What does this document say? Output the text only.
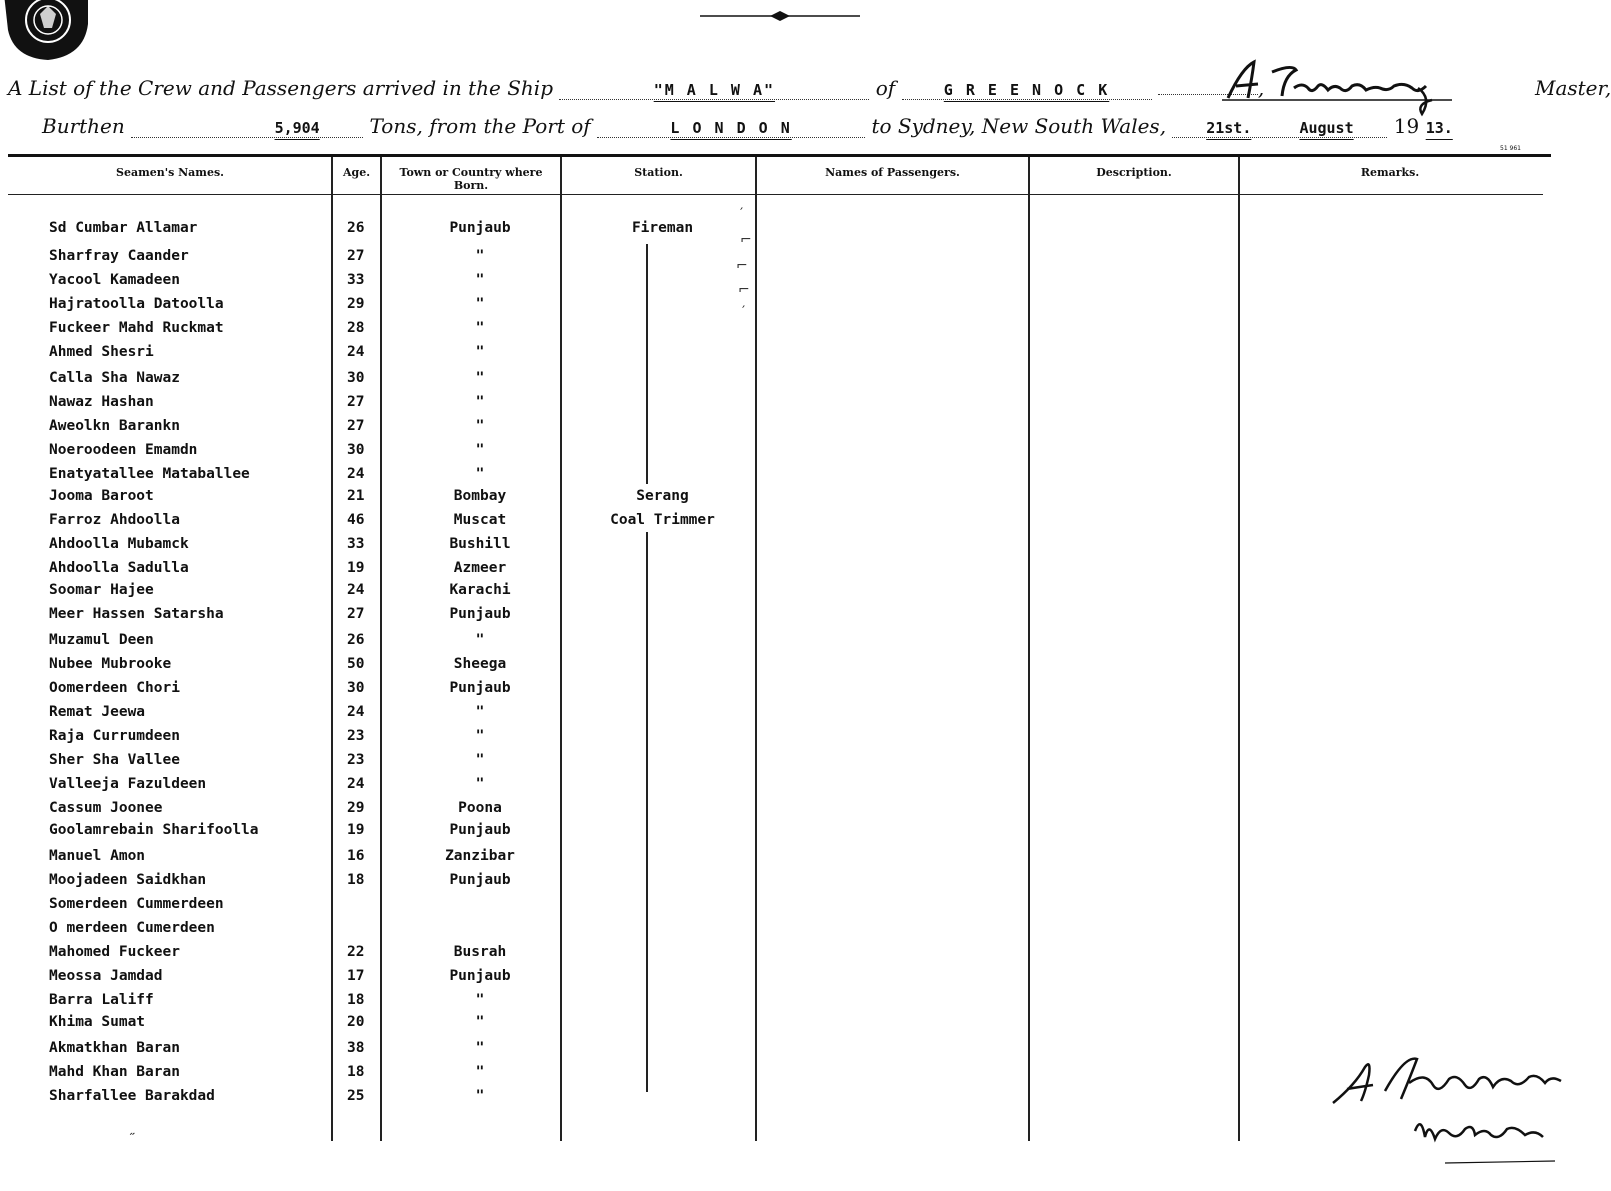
A List of the Crew and Passengers arrived in the Ship	"M A L W A"	of	G R E E N O C K	,	Master,
Burthen	5,904 Tons, from the Port of	L O N D O N	to Sydney, New South Wales,	21st.	August 19 13.
51 961
Seamen's Names.	Age.	Town or Country where Born.
Station.	Names of Passengers.	Description.	Remarks.
Sd Cumbar Allamar	26	Punjaub	Fireman
Sharfray Caander	27	"
Yacool Kamadeen	33	"
Hajratoolla Datoolla	29	"
Fuckeer Mahd Ruckmat	28	"
Ahmed Shesri	24	"
Calla Sha Nawaz	30	"
Nawaz Hashan	27	"
Aweolkn Barankn	27	"
Noeroodeen Emamdn	30	"
Enatyatallee Mataballee	24	"
Jooma Baroot	21	Bombay	Serang
Farroz Ahdoolla	46	Muscat	Coal Trimmer
Ahdoolla Mubamck	33	Bushill
Ahdoolla Sadulla	19	Azmeer
Soomar Hajee	24	Karachi
Meer Hassen Satarsha	27	Punjaub
Muzamul Deen	26	"
Nubee Mubrooke	50	Sheega
Oomerdeen Chori	30	Punjaub
Remat Jeewa	24	"
Raja Currumdeen	23	"
Sher Sha Vallee	23	"
Valleeja Fazuldeen	24	"
Cassum Joonee	29	Poona
Goolamrebain Sharifoolla	19	Punjaub
Manuel Amon	16	Zanzibar
Moojadeen Saidkhan	18	Punjaub
Somerdeen Cummerdeen
O merdeen Cumerdeen
Mahomed Fuckeer	22	Busrah
Meossa Jamdad	17	Punjaub
Barra Laliff	18	"
Khima Sumat	20	"
Akmatkhan Baran	38	"
Mahd Khan Baran	18	"
Sharfallee Barakdad	25	"
′
⌐
⌐
⌐
′
˶
